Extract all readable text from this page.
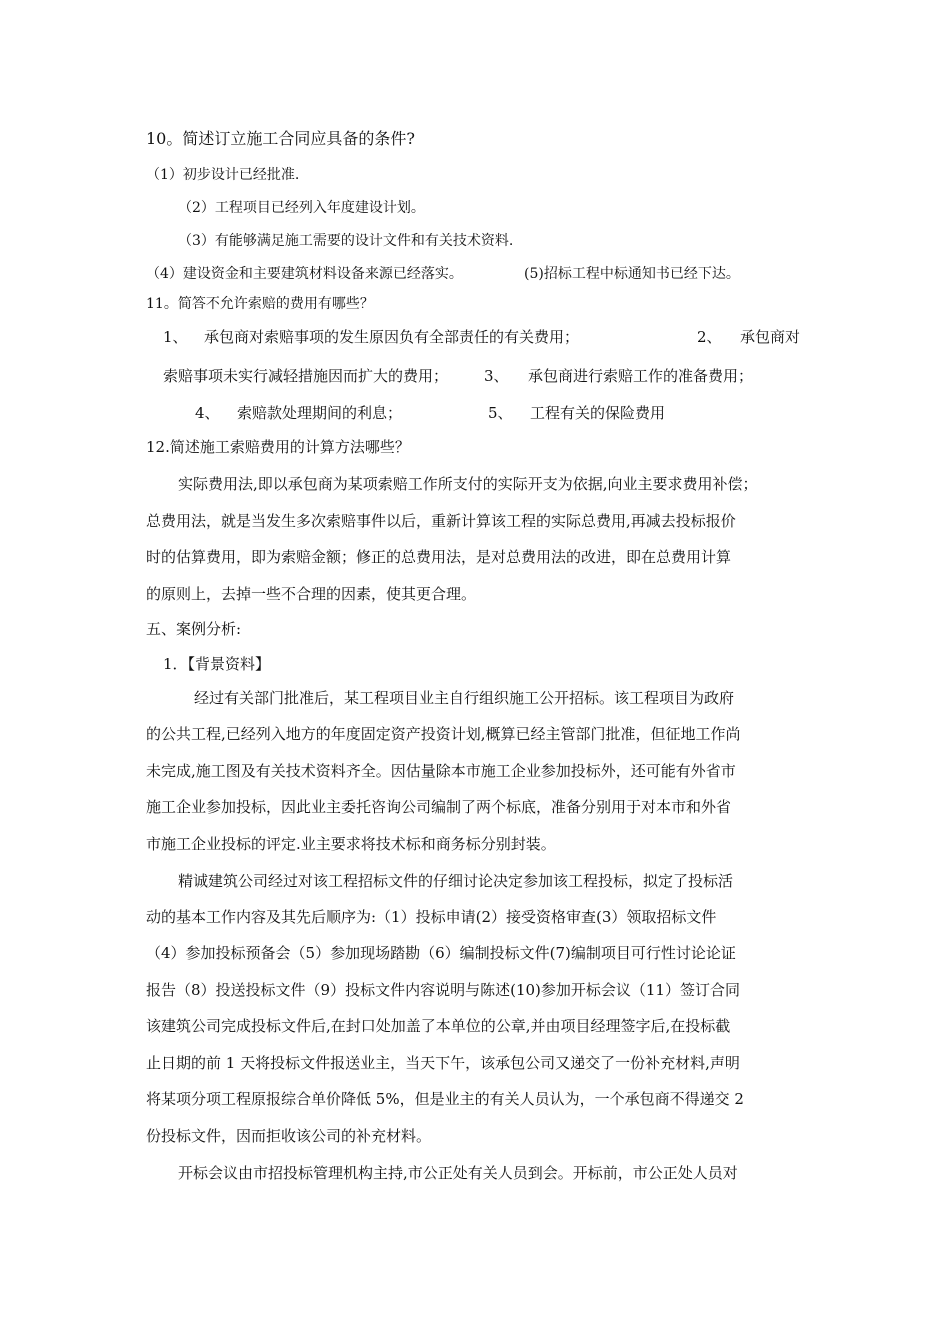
10。简述订立施工合同应具备的条件?
（1）初步设计已经批准.
（2）工程项目已经列入年度建设计划。
（3）有能够满足施工需要的设计文件和有关技术资料.
（4）建设资金和主要建筑材料设备来源已经落实。	(5)招标工程中标通知书已经下达。
11。简答不允许索赔的费用有哪些？
1、 承包商对索赔事项的发生原因负有全部责任的有关费用；	2、 承包商对
索赔事项未实行减轻措施因而扩大的费用； 3、 承包商进行索赔工作的准备费用；
4、 索赔款处理期间的利息；	5、 工程有关的保险费用
12.简述施工索赔费用的计算方法哪些？
实际费用法,即以承包商为某项索赔工作所支付的实际开支为依据,向业主要求费用补偿；
总费用法，就是当发生多次索赔事件以后，重新计算该工程的实际总费用,再减去投标报价
时的估算费用，即为索赔金额；修正的总费用法，是对总费用法的改进，即在总费用计算
的原则上，去掉一些不合理的因素，使其更合理。
五、案例分析:
1．【背景资料】
经过有关部门批准后，某工程项目业主自行组织施工公开招标。该工程项目为政府
的公共工程,已经列入地方的年度固定资产投资计划,概算已经主管部门批准，但征地工作尚
未完成,施工图及有关技术资料齐全。因估量除本市施工企业参加投标外，还可能有外省市
施工企业参加投标，因此业主委托咨询公司编制了两个标底，准备分别用于对本市和外省
市施工企业投标的评定.业主要求将技术标和商务标分别封装。
精诚建筑公司经过对该工程招标文件的仔细讨论决定参加该工程投标，拟定了投标活
动的基本工作内容及其先后顺序为:（1）投标申请(2）接受资格审查(3）领取招标文件
（4）参加投标预备会（5）参加现场踏勘（6）编制投标文件(7)编制项目可行性讨论论证
报告（8）投送投标文件（9）投标文件内容说明与陈述(10)参加开标会议（11）签订合同
该建筑公司完成投标文件后,在封口处加盖了本单位的公章,并由项目经理签字后,在投标截
止日期的前 1 天将投标文件报送业主，当天下午，该承包公司又递交了一份补充材料,声明
将某项分项工程原报综合单价降低 5%，但是业主的有关人员认为，一个承包商不得递交 2
份投标文件，因而拒收该公司的补充材料。
开标会议由市招投标管理机构主持,市公正处有关人员到会。开标前，市公正处人员对
